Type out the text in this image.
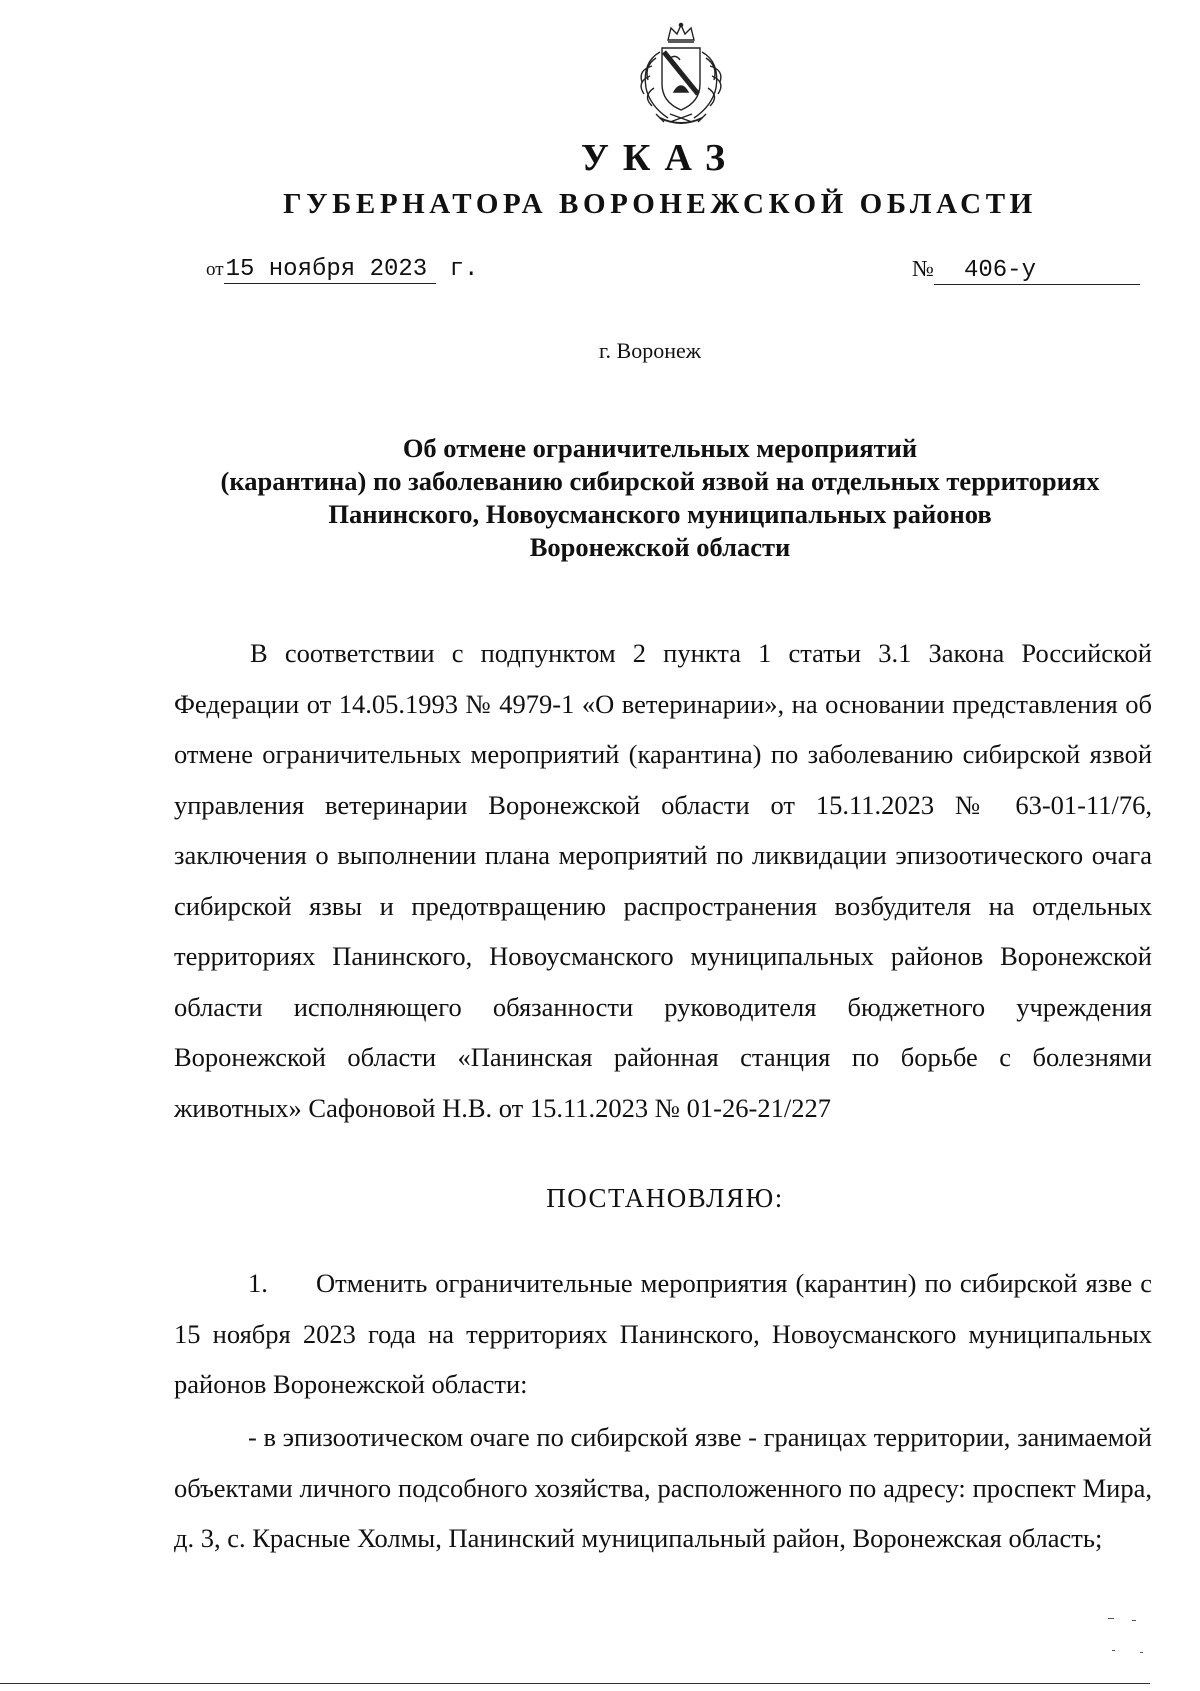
УКАЗ
ГУБЕРНАТОРА ВОРОНЕЖСКОЙ ОБЛАСТИ
от15 ноября 2023 г.	№ 406-у
г. Воронеж
Об отмене ограничительных мероприятий
(карантина) по заболеванию сибирской язвой на отдельных территориях
Панинского, Новоусманского муниципальных районов
Воронежской области
В соответствии с подпунктом 2 пункта 1 статьи 3.1 Закона Российской Федерации от 14.05.1993 № 4979-1 «О ветеринарии», на основании представления об отмене ограничительных мероприятий (карантина) по заболеванию сибирской язвой управления ветеринарии Воронежской области от 15.11.2023 № 63-01-11/76, заключения о выполнении плана мероприятий по ликвидации эпизоотического очага сибирской язвы и предотвращению распространения возбудителя на отдельных территориях Панинского, Новоусманского муниципальных районов Воронежской области исполняющего обязанности руководителя бюджетного учреждения Воронежской области «Панинская районная станция по борьбе с болезнями животных» Сафоновой Н.В. от 15.11.2023 № 01-26-21/227
ПОСТАНОВЛЯЮ:
1. Отменить ограничительные мероприятия (карантин) по сибирской язве с 15 ноября 2023 года на территориях Панинского, Новоусманского муниципальных районов Воронежской области:
- в эпизоотическом очаге по сибирской язве - границах территории, занимаемой объектами личного подсобного хозяйства, расположенного по адресу: проспект Мира, д. 3, с. Красные Холмы, Панинский муниципальный район, Воронежская область;
